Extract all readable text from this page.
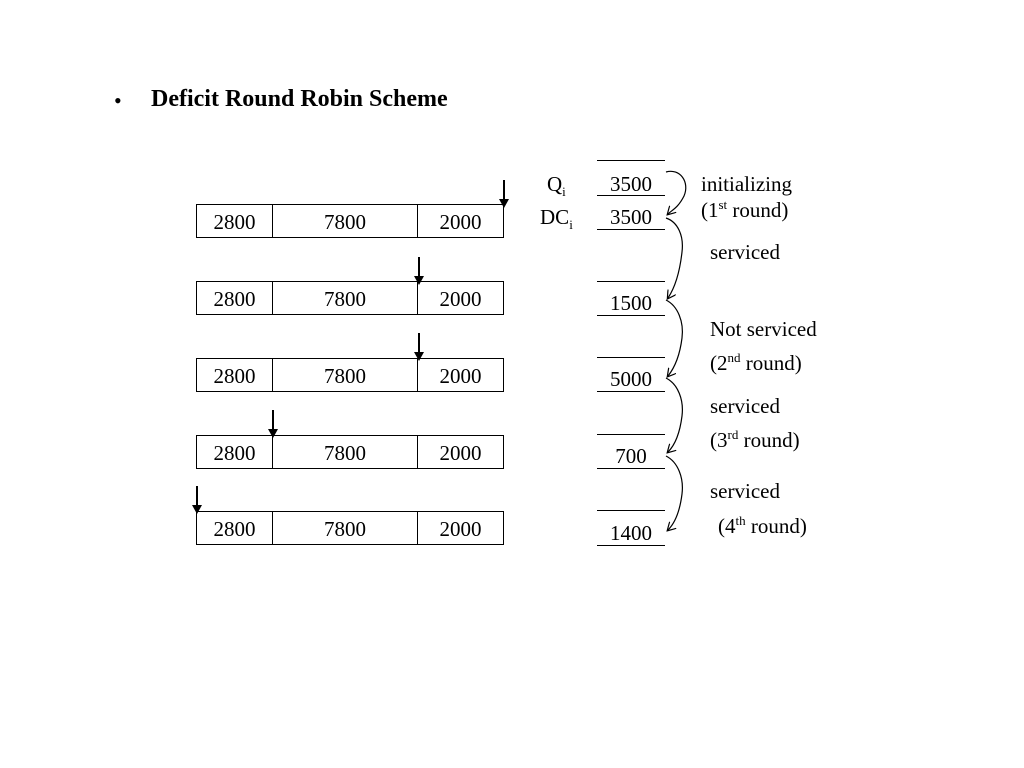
• Deficit Round Robin Scheme
2800	7800	2000
2800	7800	2000
2800	7800	2000
2800	7800	2000
2800	7800	2000
$Q_i$
$DC_i$
3500
3500
1500
5000
700
1400
initializing
(1st round)
serviced
Not serviced
(2nd round)
serviced
(3rd round)
serviced
(4th round)
